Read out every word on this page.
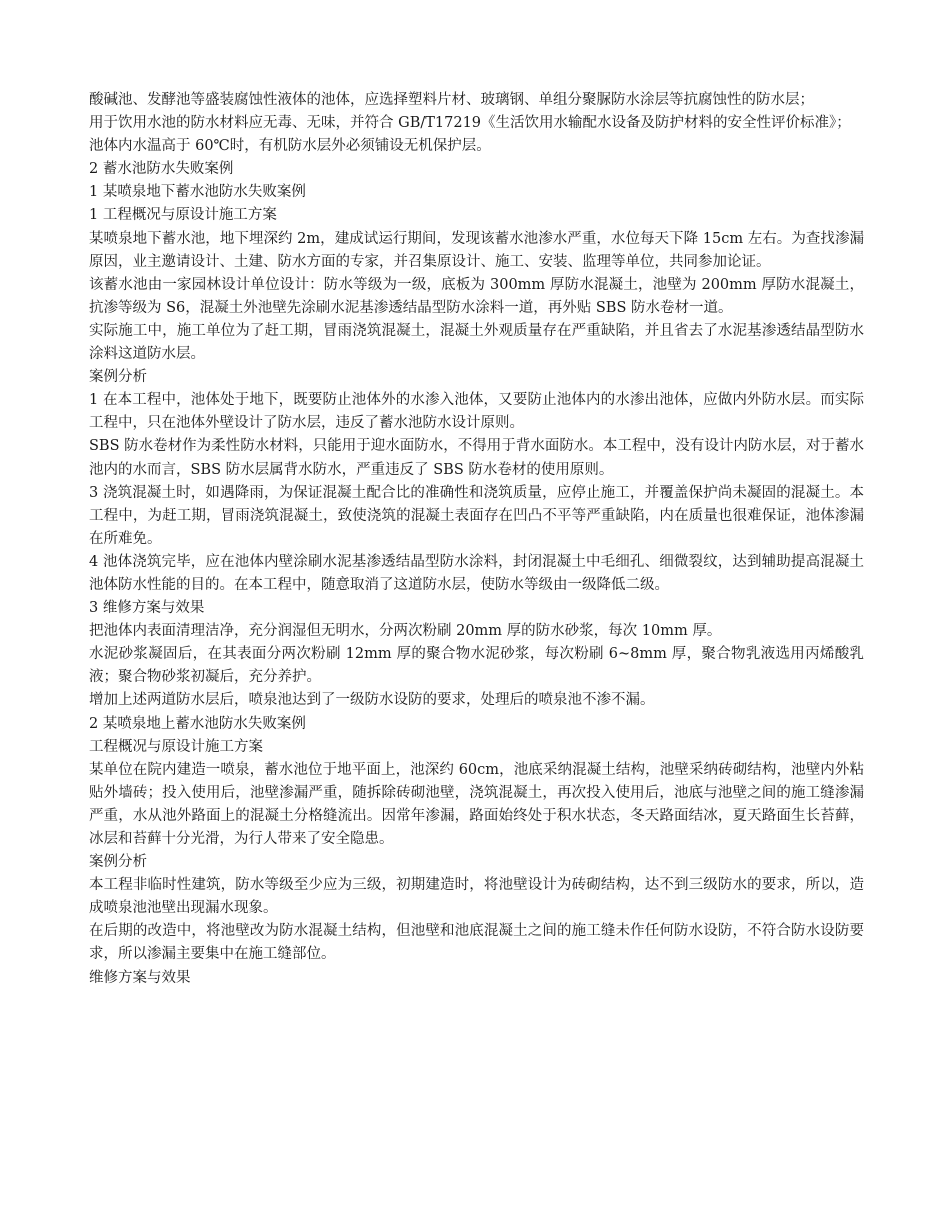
酸碱池、发酵池等盛装腐蚀性液体的池体，应选择塑料片材、玻璃钢、单组分聚脲防水涂层等抗腐蚀性的防水层；

用于饮用水池的防水材料应无毒、无味，并符合 GB/T17219《生活饮用水输配水设备及防护材料的安全性评价标准》；

池体内水温高于 60℃时，有机防水层外必须铺设无机保护层。

2 蓄水池防水失败案例

1 某喷泉地下蓄水池防水失败案例

1 工程概况与原设计施工方案

某喷泉地下蓄水池，地下埋深约 2m，建成试运行期间，发现该蓄水池渗水严重，水位每天下降 15cm 左右。为查找渗漏原因，业主邀请设计、土建、防水方面的专家，并召集原设计、施工、安装、监理等单位，共同参加论证。

该蓄水池由一家园林设计单位设计：防水等级为一级，底板为 300mm 厚防水混凝土，池壁为 200mm 厚防水混凝土，抗渗等级为 S6，混凝土外池壁先涂刷水泥基渗透结晶型防水涂料一道，再外贴 SBS 防水卷材一道。

实际施工中，施工单位为了赶工期，冒雨浇筑混凝土，混凝土外观质量存在严重缺陷，并且省去了水泥基渗透结晶型防水涂料这道防水层。

案例分析

1 在本工程中，池体处于地下，既要防止池体外的水渗入池体，又要防止池体内的水渗出池体，应做内外防水层。而实际工程中，只在池体外壁设计了防水层，违反了蓄水池防水设计原则。

SBS 防水卷材作为柔性防水材料，只能用于迎水面防水，不得用于背水面防水。本工程中，没有设计内防水层，对于蓄水池内的水而言，SBS 防水层属背水防水，严重违反了 SBS 防水卷材的使用原则。

3 浇筑混凝土时，如遇降雨，为保证混凝土配合比的准确性和浇筑质量，应停止施工，并覆盖保护尚未凝固的混凝土。本工程中，为赶工期，冒雨浇筑混凝土，致使浇筑的混凝土表面存在凹凸不平等严重缺陷，内在质量也很难保证，池体渗漏在所难免。

4 池体浇筑完毕，应在池体内壁涂刷水泥基渗透结晶型防水涂料，封闭混凝土中毛细孔、细微裂纹，达到辅助提高混凝土池体防水性能的目的。在本工程中，随意取消了这道防水层，使防水等级由一级降低二级。

3 维修方案与效果

把池体内表面清理洁净，充分润湿但无明水，分两次粉刷 20mm 厚的防水砂浆，每次 10mm 厚。

水泥砂浆凝固后，在其表面分两次粉刷 12mm 厚的聚合物水泥砂浆，每次粉刷 6~8mm 厚，聚合物乳液选用丙烯酸乳液；聚合物砂浆初凝后，充分养护。

增加上述两道防水层后，喷泉池达到了一级防水设防的要求，处理后的喷泉池不渗不漏。

2 某喷泉地上蓄水池防水失败案例

工程概况与原设计施工方案

某单位在院内建造一喷泉，蓄水池位于地平面上，池深约 60cm，池底采纳混凝土结构，池壁采纳砖砌结构，池壁内外粘贴外墙砖；投入使用后，池壁渗漏严重，随拆除砖砌池壁，浇筑混凝土，再次投入使用后，池底与池壁之间的施工缝渗漏严重，水从池外路面上的混凝土分格缝流出。因常年渗漏，路面始终处于积水状态，冬天路面结冰，夏天路面生长苔藓，冰层和苔藓十分光滑，为行人带来了安全隐患。

案例分析

本工程非临时性建筑，防水等级至少应为三级，初期建造时，将池壁设计为砖砌结构，达不到三级防水的要求，所以，造成喷泉池池壁出现漏水现象。

在后期的改造中，将池壁改为防水混凝土结构，但池壁和池底混凝土之间的施工缝未作任何防水设防，不符合防水设防要求，所以渗漏主要集中在施工缝部位。

维修方案与效果
